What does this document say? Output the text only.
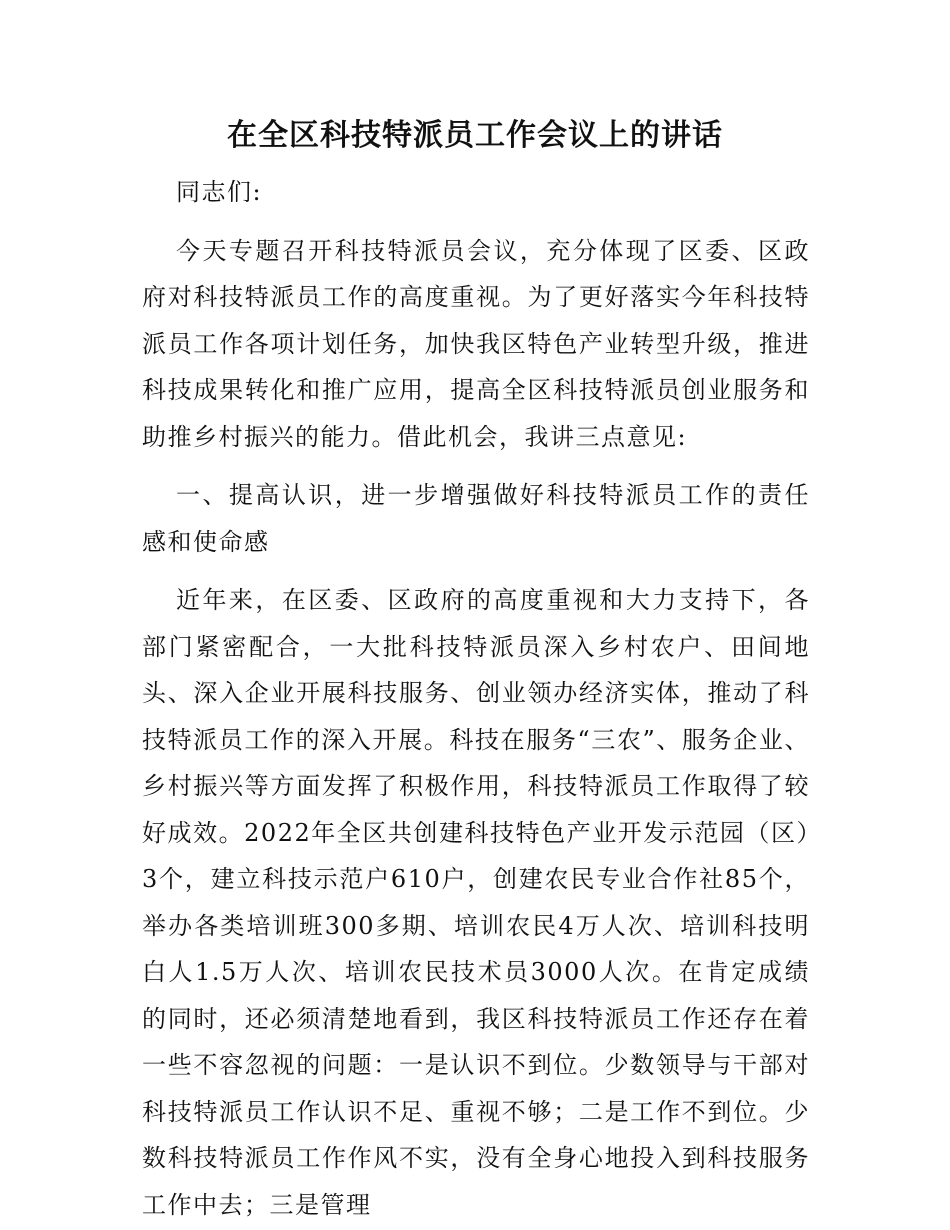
在全区科技特派员工作会议上的讲话

同志们:

今天专题召开科技特派员会议，充分体现了区委、区政府对科技特派员工作的高度重视。为了更好落实今年科技特派员工作各项计划任务，加快我区特色产业转型升级，推进科技成果转化和推广应用，提高全区科技特派员创业服务和助推乡村振兴的能力。借此机会，我讲三点意见:

一、提高认识，进一步增强做好科技特派员工作的责任感和使命感

近年来，在区委、区政府的高度重视和大力支持下，各部门紧密配合，一大批科技特派员深入乡村农户、田间地头、深入企业开展科技服务、创业领办经济实体，推动了科技特派员工作的深入开展。科技在服务“三农”、服务企业、乡村振兴等方面发挥了积极作用，科技特派员工作取得了较好成效。2022年全区共创建科技特色产业开发示范园（区）3个，建立科技示范户610户，创建农民专业合作社85个，举办各类培训班300多期、培训农民4万人次、培训科技明白人1.5万人次、培训农民技术员3000人次。在肯定成绩的同时，还必须清楚地看到，我区科技特派员工作还存在着一些不容忽视的问题：一是认识不到位。少数领导与干部对科技特派员工作认识不足、重视不够；二是工作不到位。少数科技特派员工作作风不实，没有全身心地投入到科技服务工作中去；三是管理
